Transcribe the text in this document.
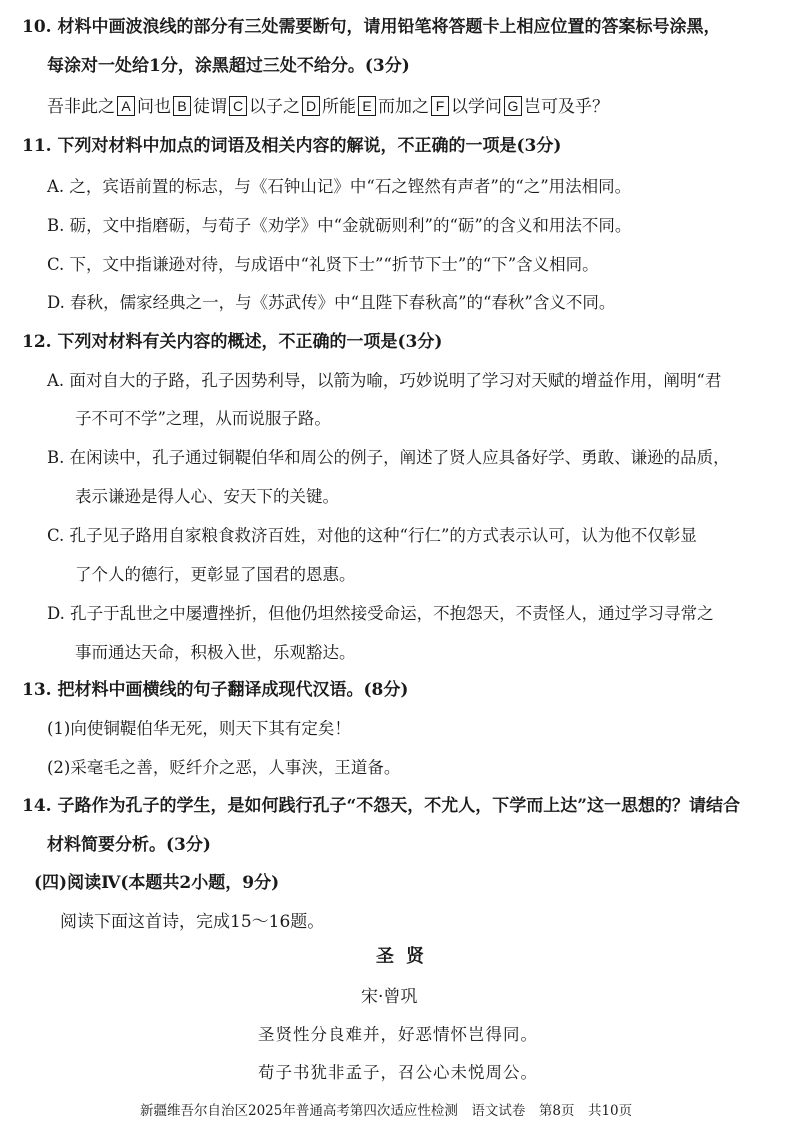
10. 材料中画波浪线的部分有三处需要断句，请用铅笔将答题卡上相应位置的答案标号涂黑，
每涂对一处给1分，涂黑超过三处不给分。(3分)
吾非此之 A 问也 B 徒谓 C 以子之 D 所能 E 而加之 F 以学问 G 岂可及乎？
11. 下列对材料中加点的词语及相关内容的解说，不正确的一项是(3分)
A. 之，宾语前置的标志，与《石钟山记》中“石之铿然有声者”的“之”用法相同。
B. 砺，文中指磨砺，与荀子《劝学》中“金就砺则利”的“砺”的含义和用法不同。
C. 下，文中指谦逊对待，与成语中“礼贤下士”“折节下士”的“下”含义相同。
D. 春秋，儒家经典之一，与《苏武传》中“且陛下春秋高”的“春秋”含义不同。
12. 下列对材料有关内容的概述，不正确的一项是(3分)
A. 面对自大的子路，孔子因势利导，以箭为喻，巧妙说明了学习对天赋的增益作用，阐明“君
子不可不学”之理，从而说服子路。
B. 在闲读中，孔子通过铜鞮伯华和周公的例子，阐述了贤人应具备好学、勇敢、谦逊的品质，
表示谦逊是得人心、安天下的关键。
C. 孔子见子路用自家粮食救济百姓，对他的这种“行仁”的方式表示认可，认为他不仅彰显
了个人的德行，更彰显了国君的恩惠。
D. 孔子于乱世之中屡遭挫折，但他仍坦然接受命运，不抱怨天，不责怪人，通过学习寻常之
事而通达天命，积极入世，乐观豁达。
13. 把材料中画横线的句子翻译成现代汉语。(8分)
(1)向使铜鞮伯华无死，则天下其有定矣！
(2)采毫毛之善，贬纤介之恶，人事浃，王道备。
14. 子路作为孔子的学生，是如何践行孔子“不怨天，不尤人，下学而上达”这一思想的？请结合
材料简要分析。(3分)
(四)阅读Ⅳ(本题共2小题，9分)
阅读下面这首诗，完成15～16题。
圣贤
宋·曾巩
圣贤性分良难并，好恶情怀岂得同。
荀子书犹非孟子，召公心未悦周公。
新疆维吾尔自治区2025年普通高考第四次适应性检测　语文试卷　第8页　共10页
